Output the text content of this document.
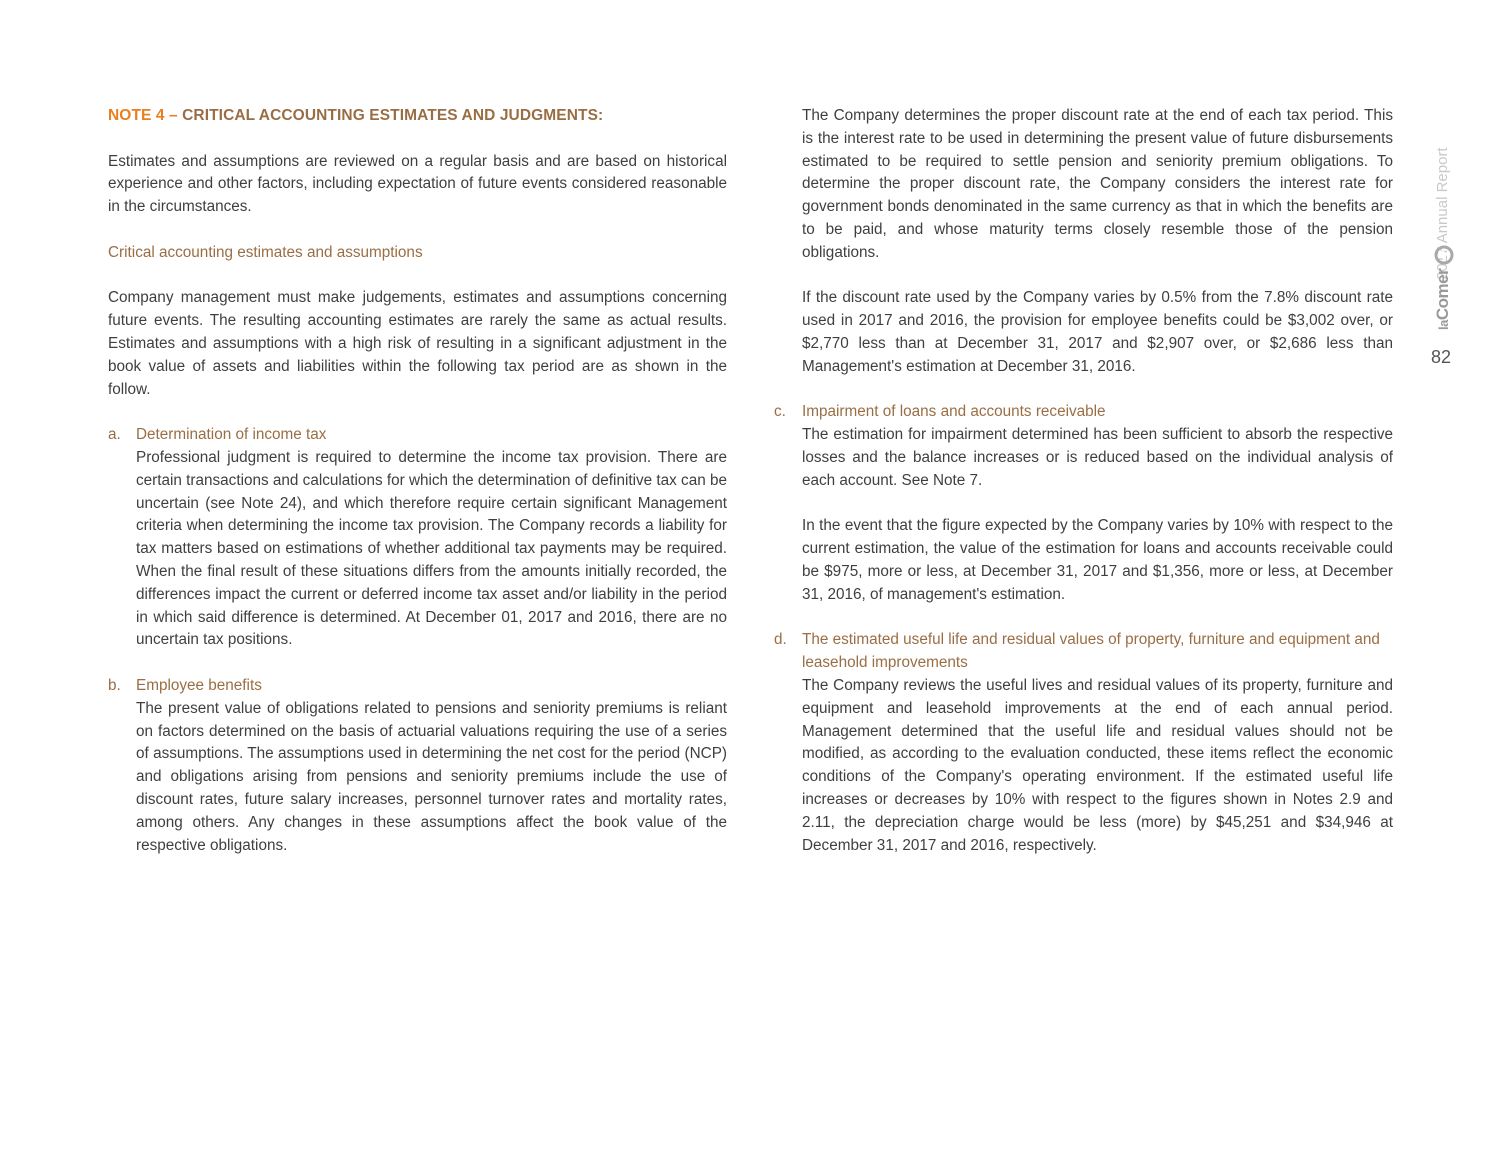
NOTE 4 – CRITICAL ACCOUNTING ESTIMATES AND JUDGMENTS:

Estimates and assumptions are reviewed on a regular basis and are based on historical experience and other factors, including expectation of future events considered reasonable in the circumstances.

Critical accounting estimates and assumptions

Company management must make judgements, estimates and assumptions concerning future events. The resulting accounting estimates are rarely the same as actual results. Estimates and assumptions with a high risk of resulting in a significant adjustment in the book value of assets and liabilities within the following tax period are as shown in the follow.

a. Determination of income tax

Professional judgment is required to determine the income tax provision. There are certain transactions and calculations for which the determination of definitive tax can be uncertain (see Note 24), and which therefore require certain significant Management criteria when determining the income tax provision. The Company records a liability for tax matters based on estimations of whether additional tax payments may be required. When the final result of these situations differs from the amounts initially recorded, the differences impact the current or deferred income tax asset and/or liability in the period in which said difference is determined. At December 01, 2017 and 2016, there are no uncertain tax positions.

b. Employee benefits

The present value of obligations related to pensions and seniority premiums is reliant on factors determined on the basis of actuarial valuations requiring the use of a series of assumptions. The assumptions used in determining the net cost for the period (NCP) and obligations arising from pensions and seniority premiums include the use of discount rates, future salary increases, personnel turnover rates and mortality rates, among others. Any changes in these assumptions affect the book value of the respective obligations.

The Company determines the proper discount rate at the end of each tax period. This is the interest rate to be used in determining the present value of future disbursements estimated to be required to settle pension and seniority premium obligations. To determine the proper discount rate, the Company considers the interest rate for government bonds denominated in the same currency as that in which the benefits are to be paid, and whose maturity terms closely resemble those of the pension obligations.

If the discount rate used by the Company varies by 0.5% from the 7.8% discount rate used in 2017 and 2016, the provision for employee benefits could be $3,002 over, or $2,770 less than at December 31, 2017 and $2,907 over, or $2,686 less than Management's estimation at December 31, 2016.

c. Impairment of loans and accounts receivable

The estimation for impairment determined has been sufficient to absorb the respective losses and the balance increases or is reduced based on the individual analysis of each account. See Note 7.

In the event that the figure expected by the Company varies by 10% with respect to the current estimation, the value of the estimation for loans and accounts receivable could be $975, more or less, at December 31, 2017 and $1,356, more or less, at December 31, 2016, of management's estimation.

d. The estimated useful life and residual values of property, furniture and equipment and leasehold improvements

The Company reviews the useful lives and residual values of its property, furniture and equipment and leasehold improvements at the end of each annual period. Management determined that the useful life and residual values should not be modified, as according to the evaluation conducted, these items reflect the economic conditions of the Company's operating environment. If the estimated useful life increases or decreases by 10% with respect to the figures shown in Notes 2.9 and 2.11, the depreciation charge would be less (more) by $45,251 and $34,946 at December 31, 2017 and 2016, respectively.

2017 Annual Report
laComer
82
